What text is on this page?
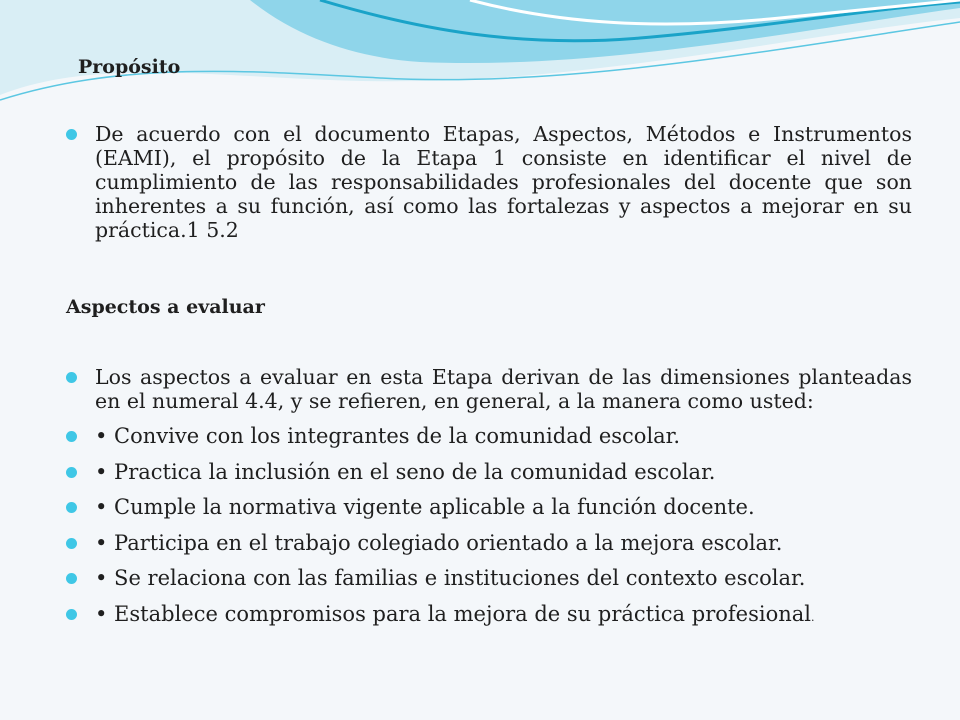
Propósito
De acuerdo con el documento Etapas, Aspectos, Métodos e Instrumentos (EAMI), el propósito de la Etapa 1 consiste en identificar el nivel de cumplimiento de las responsabilidades profesionales del docente que son inherentes a su función, así como las fortalezas y aspectos a mejorar en su práctica.1 5.2
Aspectos a evaluar
Los aspectos a evaluar en esta Etapa derivan de las dimensiones planteadas en el numeral 4.4, y se refieren, en general, a la manera como usted:
• Convive con los integrantes de la comunidad escolar.
• Practica la inclusión en el seno de la comunidad escolar.
• Cumple la normativa vigente aplicable a la función docente.
• Participa en el trabajo colegiado orientado a la mejora escolar.
• Se relaciona con las familias e instituciones del contexto escolar.
• Establece compromisos para la mejora de su práctica profesional.
